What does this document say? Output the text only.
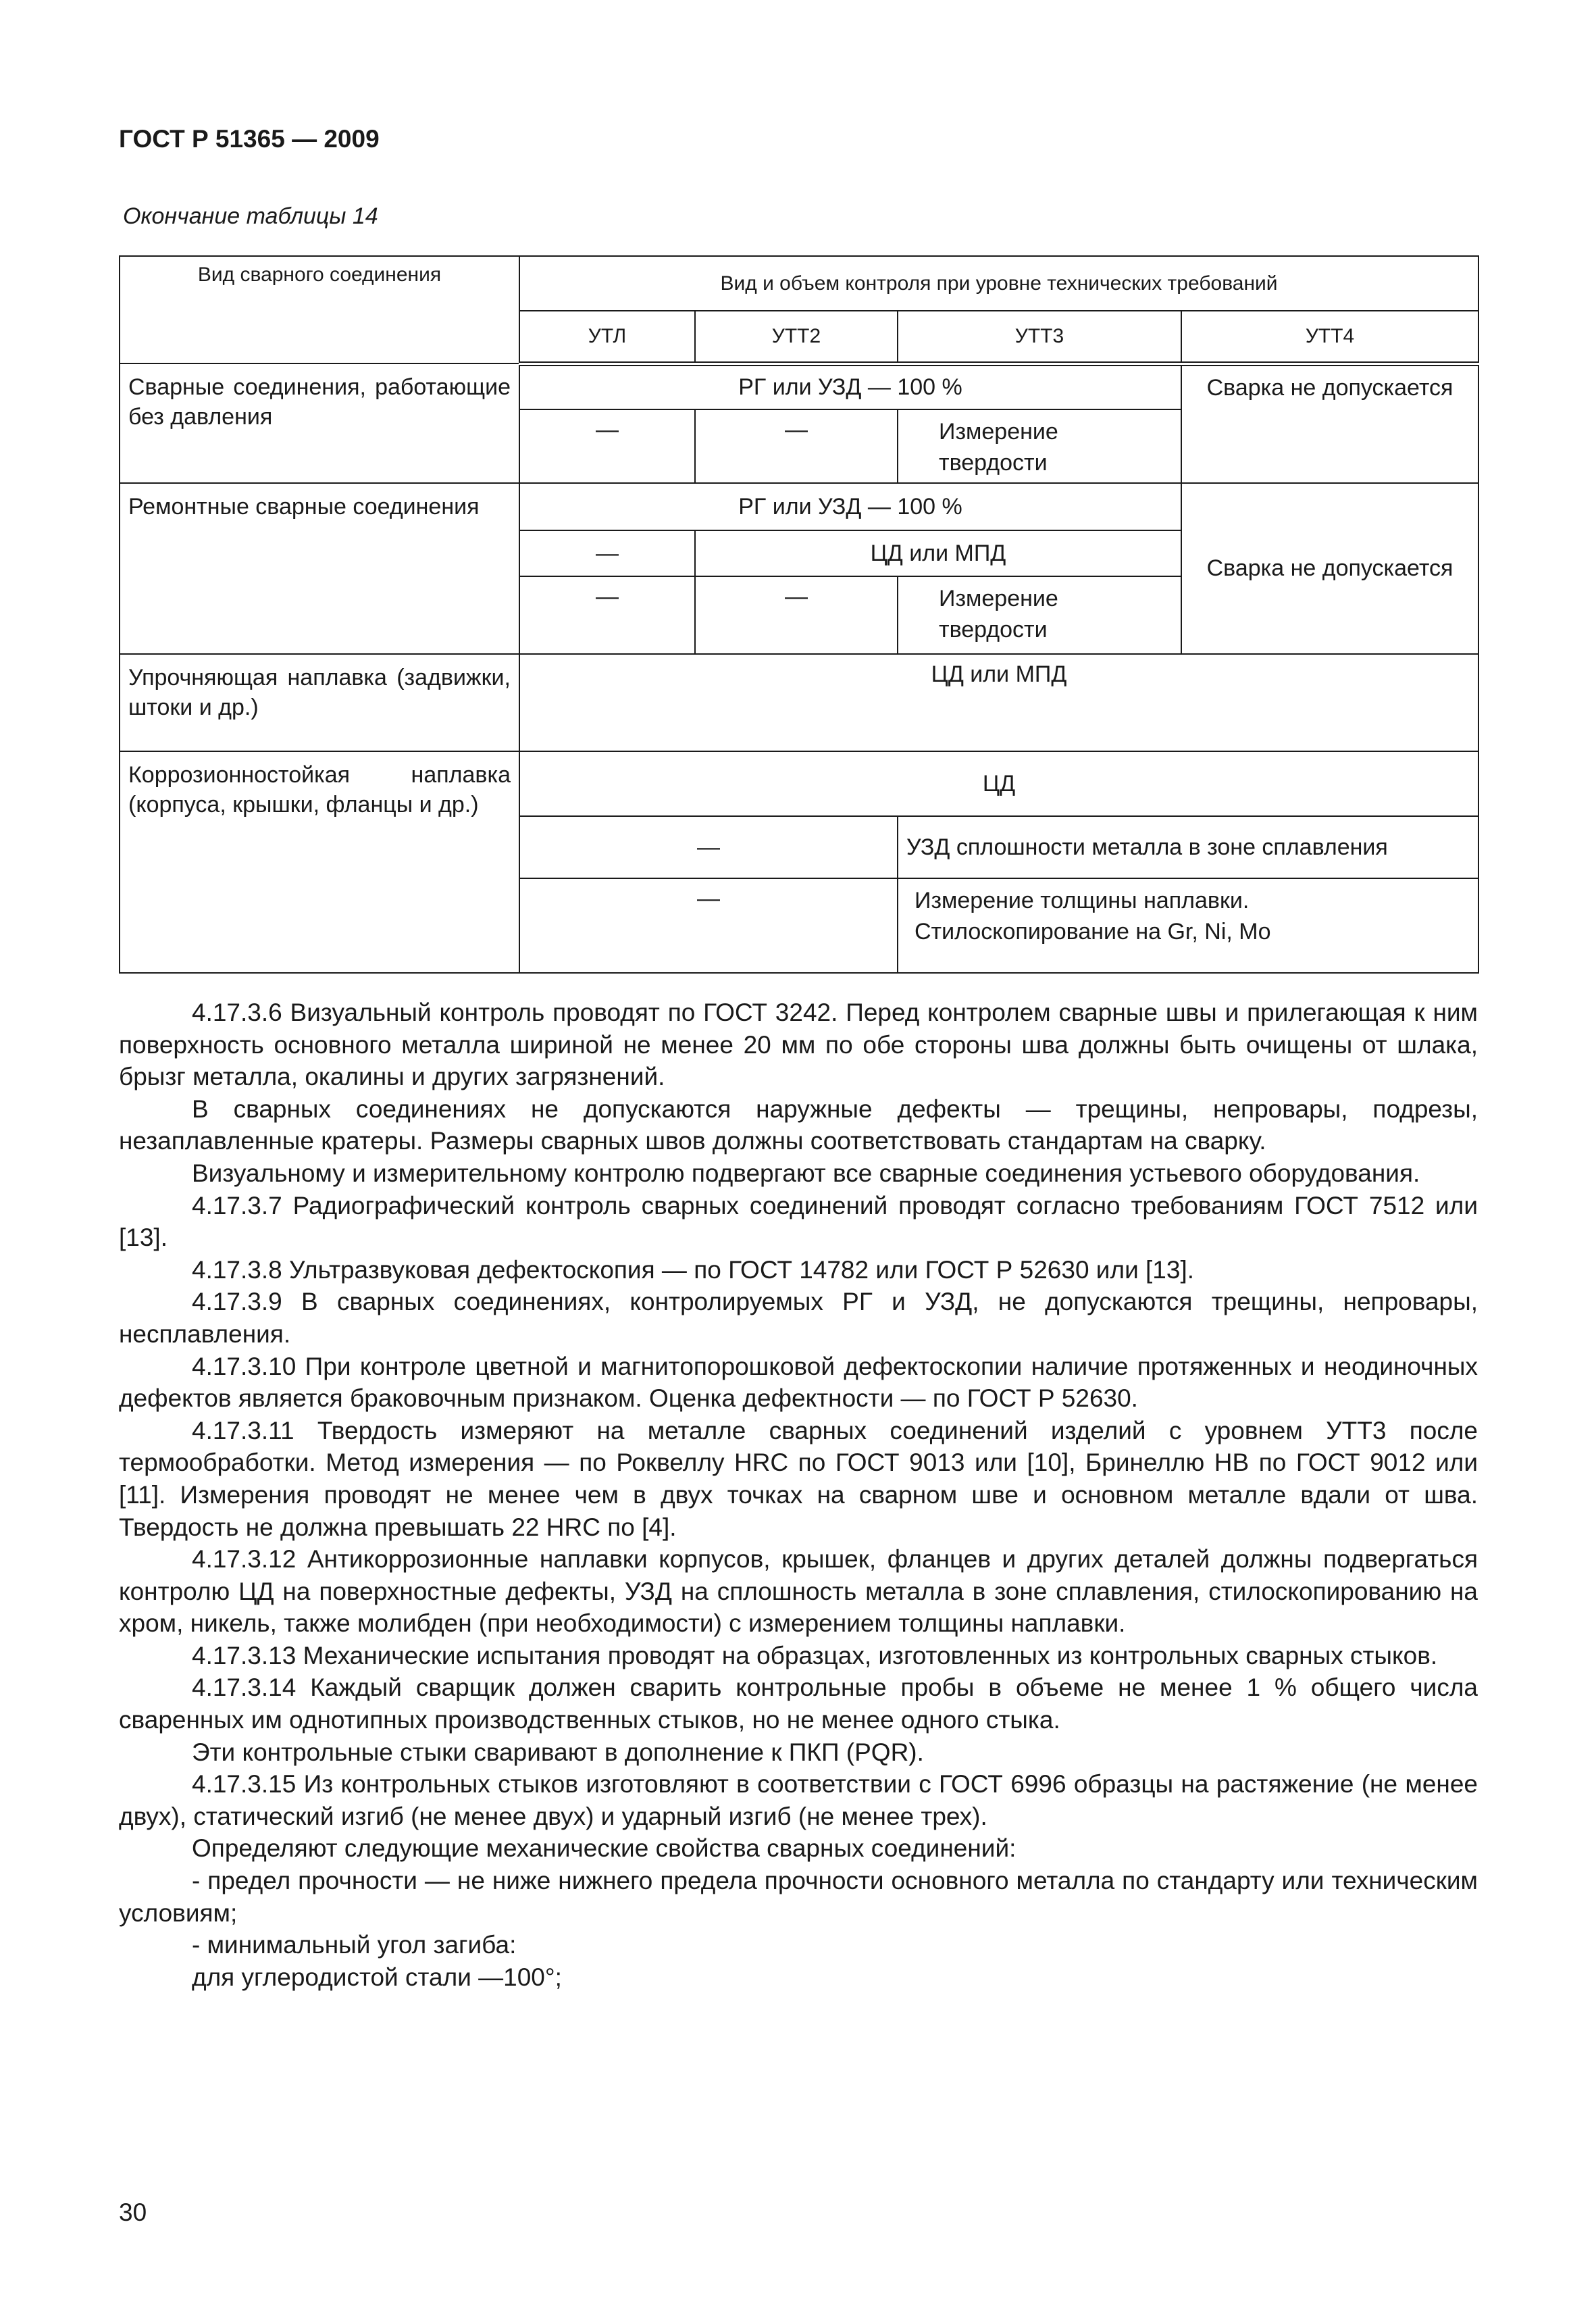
ГОСТ Р 51365 — 2009
Окончание таблицы 14
Вид сварного соединения	Вид и объем контроля при уровне технических требований			
	УТЛ	УТТ2	УТТ3	УТТ4
Сварные соединения, работающие без давления	РГ или УЗД — 100 %			Сварка не допускается
	—	—	Измерение твердости	
Ремонтные сварные соединения	РГ или УЗД — 100 %			Сварка не допускается
	—	ЦД или МПД		
	—	—	Измерение твердости	
Упрочняющая наплавка (задвижки, штоки и др.)	ЦД или МПД			
Коррозионностойкая наплавка (корпуса, крышки, фланцы и др.)	ЦД			
	—		УЗД сплошности металла в зоне сплавления	
	—		Измерение толщины наплавки. Стилоскопирование на Gr, Ni, Mo	

4.17.3.6 Визуальный контроль проводят по ГОСТ 3242. Перед контролем сварные швы и прилегающая к ним поверхность основного металла шириной не менее 20 мм по обе стороны шва должны быть очищены от шлака, брызг металла, окалины и других загрязнений.

В сварных соединениях не допускаются наружные дефекты — трещины, непровары, подрезы, незаплавленные кратеры. Размеры сварных швов должны соответствовать стандартам на сварку.

Визуальному и измерительному контролю подвергают все сварные соединения устьевого оборудования.

4.17.3.7 Радиографический контроль сварных соединений проводят согласно требованиям ГОСТ 7512 или [13].

4.17.3.8 Ультразвуковая дефектоскопия — по ГОСТ 14782 или ГОСТ Р 52630 или [13].

4.17.3.9 В сварных соединениях, контролируемых РГ и УЗД, не допускаются трещины, непровары, несплавления.

4.17.3.10 При контроле цветной и магнитопорошковой дефектоскопии наличие протяженных и неодиночных дефектов является браковочным признаком. Оценка дефектности — по ГОСТ Р 52630.

4.17.3.11 Твердость измеряют на металле сварных соединений изделий с уровнем УТТ3 после термообработки. Метод измерения — по Роквеллу HRC по ГОСТ 9013 или [10], Бринеллю HB по ГОСТ 9012 или [11]. Измерения проводят не менее чем в двух точках на сварном шве и основном металле вдали от шва. Твердость не должна превышать 22 HRC по [4].

4.17.3.12 Антикоррозионные наплавки корпусов, крышек, фланцев и других деталей должны подвергаться контролю ЦД на поверхностные дефекты, УЗД на сплошность металла в зоне сплавления, стилоскопированию на хром, никель, также молибден (при необходимости) с измерением толщины наплавки.

4.17.3.13 Механические испытания проводят на образцах, изготовленных из контрольных сварных стыков.

4.17.3.14 Каждый сварщик должен сварить контрольные пробы в объеме не менее 1 % общего числа сваренных им однотипных производственных стыков, но не менее одного стыка.

Эти контрольные стыки сваривают в дополнение к ПКП (PQR).

4.17.3.15 Из контрольных стыков изготовляют в соответствии с ГОСТ 6996 образцы на растяжение (не менее двух), статический изгиб (не менее двух) и ударный изгиб (не менее трех).

Определяют следующие механические свойства сварных соединений:

- предел прочности — не ниже нижнего предела прочности основного металла по стандарту или техническим условиям;

- минимальный угол загиба:

для углеродистой стали —100°;

30
